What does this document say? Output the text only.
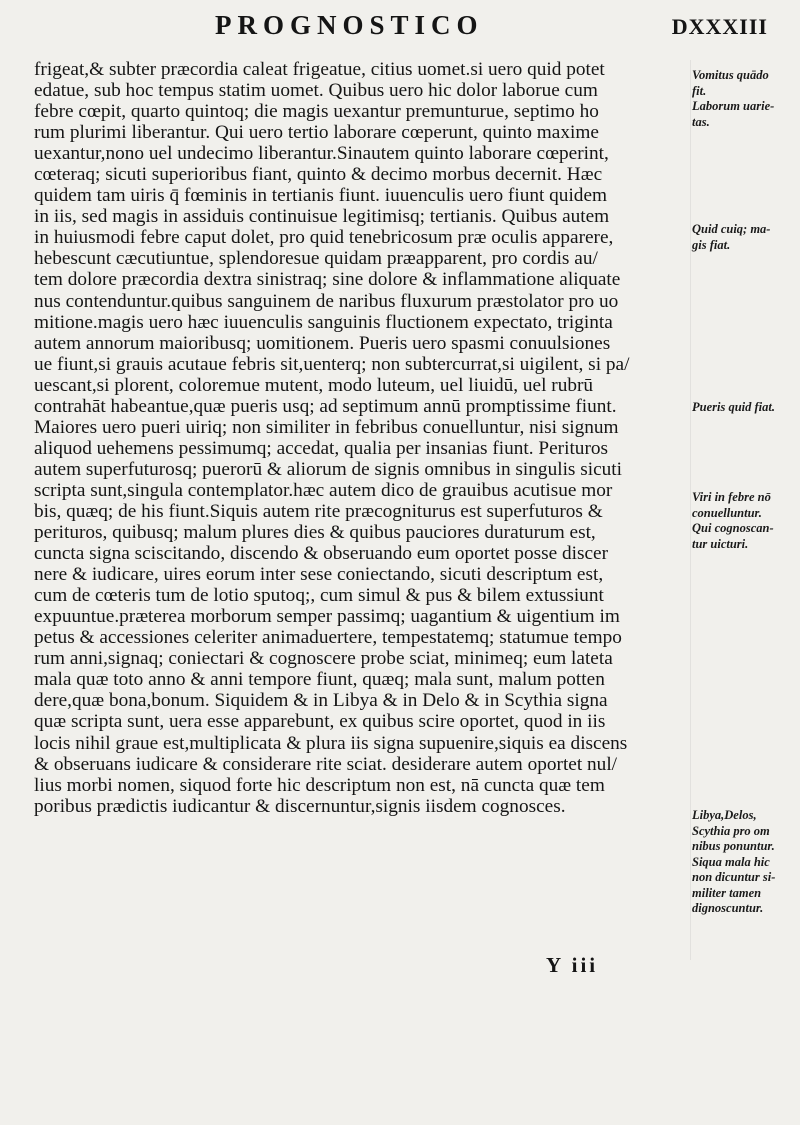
PROGNOSTICO	DXXXIII
frigeat,& subter præcordia caleat frigeatue, citius uomet.si uero quid potet
edatue, sub hoc tempus statim uomet. Quibus uero hic dolor laborue cum
febre cœpit, quarto quintoq; die magis uexantur premunturue, septimo ho
rum plurimi liberantur. Qui uero tertio laborare cœperunt, quinto maxime
uexantur,nono uel undecimo liberantur.Sinautem quinto laborare cœperint,
cœteraq; sicuti superioribus fiant, quinto & decimo morbus decernit. Hæc
quidem tam uiris q̄ fœminis in tertianis fiunt. iuuenculis uero fiunt quidem
in iis, sed magis in assiduis continuisue legitimisq; tertianis. Quibus autem
in huiusmodi febre caput dolet, pro quid tenebricosum præ oculis apparere,
hebescunt cæcutiuntue, splendoresue quidam præapparent, pro cordis au/
tem dolore præcordia dextra sinistraq; sine dolore & inflammatione aliquate
nus contenduntur.quibus sanguinem de naribus fluxurum præstolator pro uo
mitione.magis uero hæc iuuenculis sanguinis fluctionem expectato, triginta
autem annorum maioribusq; uomitionem. Pueris uero spasmi conuulsiones
ue fiunt,si grauis acutaue febris sit,uenterq; non subtercurrat,si uigilent, si pa/
uescant,si plorent, coloremue mutent, modo luteum, uel liuidū, uel rubrū
contrahāt habeantue,quæ pueris usq; ad septimum annū promptissime fiunt.
Maiores uero pueri uiriq; non similiter in febribus conuelluntur, nisi signum
aliquod uehemens pessimumq; accedat, qualia per insanias fiunt. Perituros
autem superfuturosq; puerorū & aliorum de signis omnibus in singulis sicuti
scripta sunt,singula contemplator.hæc autem dico de grauibus acutisue mor
bis, quæq; de his fiunt.Siquis autem rite præcogniturus est superfuturos &
perituros, quibusq; malum plures dies & quibus pauciores duraturum est,
cuncta signa sciscitando, discendo & obseruando eum oportet posse discer
nere & iudicare, uires eorum inter sese coniectando, sicuti descriptum est,
cum de cœteris tum de lotio sputoq;, cum simul & pus & bilem extussiunt
expuuntue.præterea morborum semper passimq; uagantium & uigentium im
petus & accessiones celeriter animaduertere, tempestatemq; statumue tempo
rum anni,signaq; coniectari & cognoscere probe sciat, minimeq; eum lateta
mala quæ toto anno & anni tempore fiunt, quæq; mala sunt, malum potten
dere,quæ bona,bonum. Siquidem & in Libya & in Delo & in Scythia signa
quæ scripta sunt, uera esse apparebunt, ex quibus scire oportet, quod in iis
locis nihil graue est,multiplicata & plura iis signa supuenire,siquis ea discens
& obseruans iudicare & considerare rite sciat. desiderare autem oportet nul/
lius morbi nomen, siquod forte hic descriptum non est, nā cuncta quæ tem
poribus prædictis iudicantur & discernuntur,signis iisdem cognosces.
Y iii
Vomitus quādo
fit.
Laborum uarie-
tas.
Quid cuiq; ma-
gis fiat.
Pueris quid fiat.
Viri in febre nō
conuelluntur.
Qui cognoscan-
tur uicturi.
Libya,Delos,
Scythia pro om
nibus ponuntur.
Siqua mala hic
non dicuntur si-
militer tamen
dignoscuntur.
